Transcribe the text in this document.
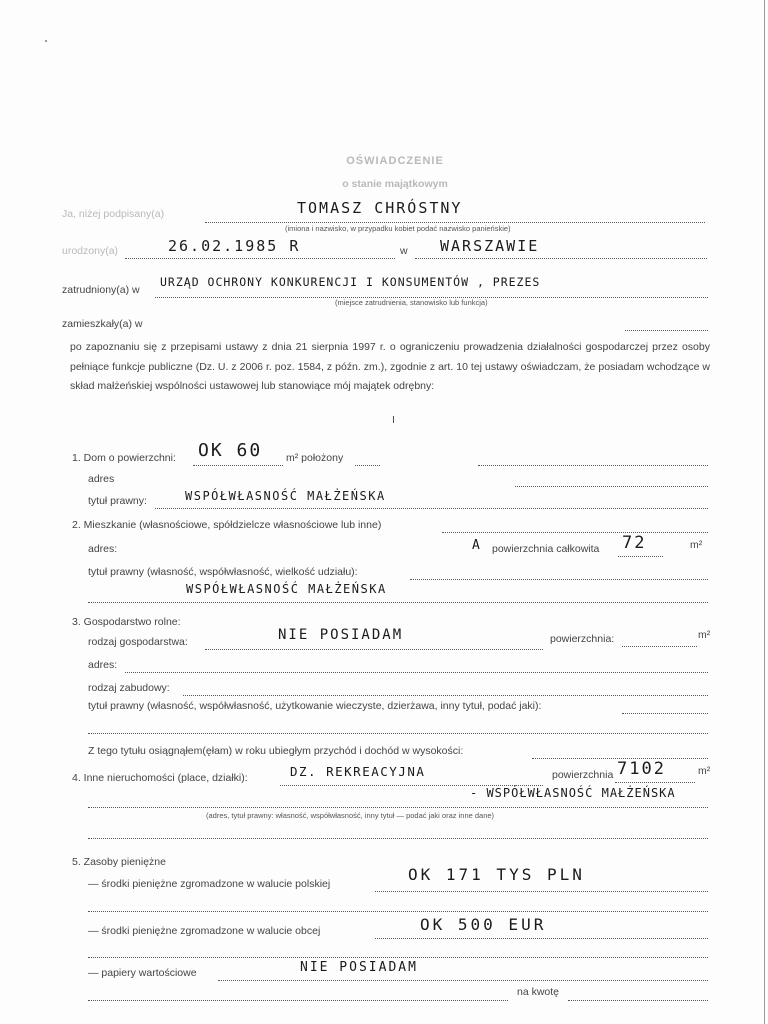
OŚWIADCZENIE
o stanie majątkowym
Ja, niżej podpisany(a)	TOMASZ CHRÓSTNY
(imiona i nazwisko, w przypadku kobiet podać nazwisko panieńskie)
urodzony(a)	26.02.1985 R	w WARSZAWIE
zatrudniony(a) w
URZĄD OCHRONY KONKURENCJI I KONSUMENTÓW , PREZES
(miejsce zatrudnienia, stanowisko lub funkcja)
zamieszkały(a) w
po zapoznaniu się z przepisami ustawy z dnia 21 sierpnia 1997 r. o ograniczeniu prowadzenia działalności gospodarczej przez osoby pełniące funkcje publiczne (Dz. U. z 2006 r. poz. 1584, z późn. zm.), zgodnie z art. 10 tej ustawy oświadczam, że posiadam wchodzące w skład małżeńskiej wspólności ustawowej lub stanowiące mój majątek odrębny:
I
1. Dom o powierzchni: OK 60 m² położony
adres
tytuł prawny:	WSPÓŁWŁASNOŚĆ MAŁŻEŃSKA
2. Mieszkanie (własnościowe, spółdzielcze własnościowe lub inne)
adres:	A powierzchnia całkowita 72	m²
tytuł prawny (własność, współwłasność, wielkość udziału):
WSPÓŁWŁASNOŚĆ MAŁŻEŃSKA
3. Gospodarstwo rolne:
rodzaj gospodarstwa:	NIE POSIADAM	powierzchnia:	m²
adres:
rodzaj zabudowy:
tytuł prawny (własność, współwłasność, użytkowanie wieczyste, dzierżawa, inny tytuł, podać jaki):
Z tego tytułu osiągnąłem(ęłam) w roku ubiegłym przychód i dochód w wysokości:
4. Inne nieruchomości (place, działki):	DZ. REKREACYJNA	powierzchnia 7102	m²
- WSPÓŁWŁASNOŚĆ MAŁŻEŃSKA
(adres, tytuł prawny: własność, współwłasność, inny tytuł — podać jaki oraz inne dane)
5. Zasoby pieniężne
— środki pieniężne zgromadzone w walucie polskiej	OK 171 TYS PLN
— środki pieniężne zgromadzone w walucie obcej	OK 500 EUR
— papiery wartościowe	NIE POSIADAM
na kwotę
